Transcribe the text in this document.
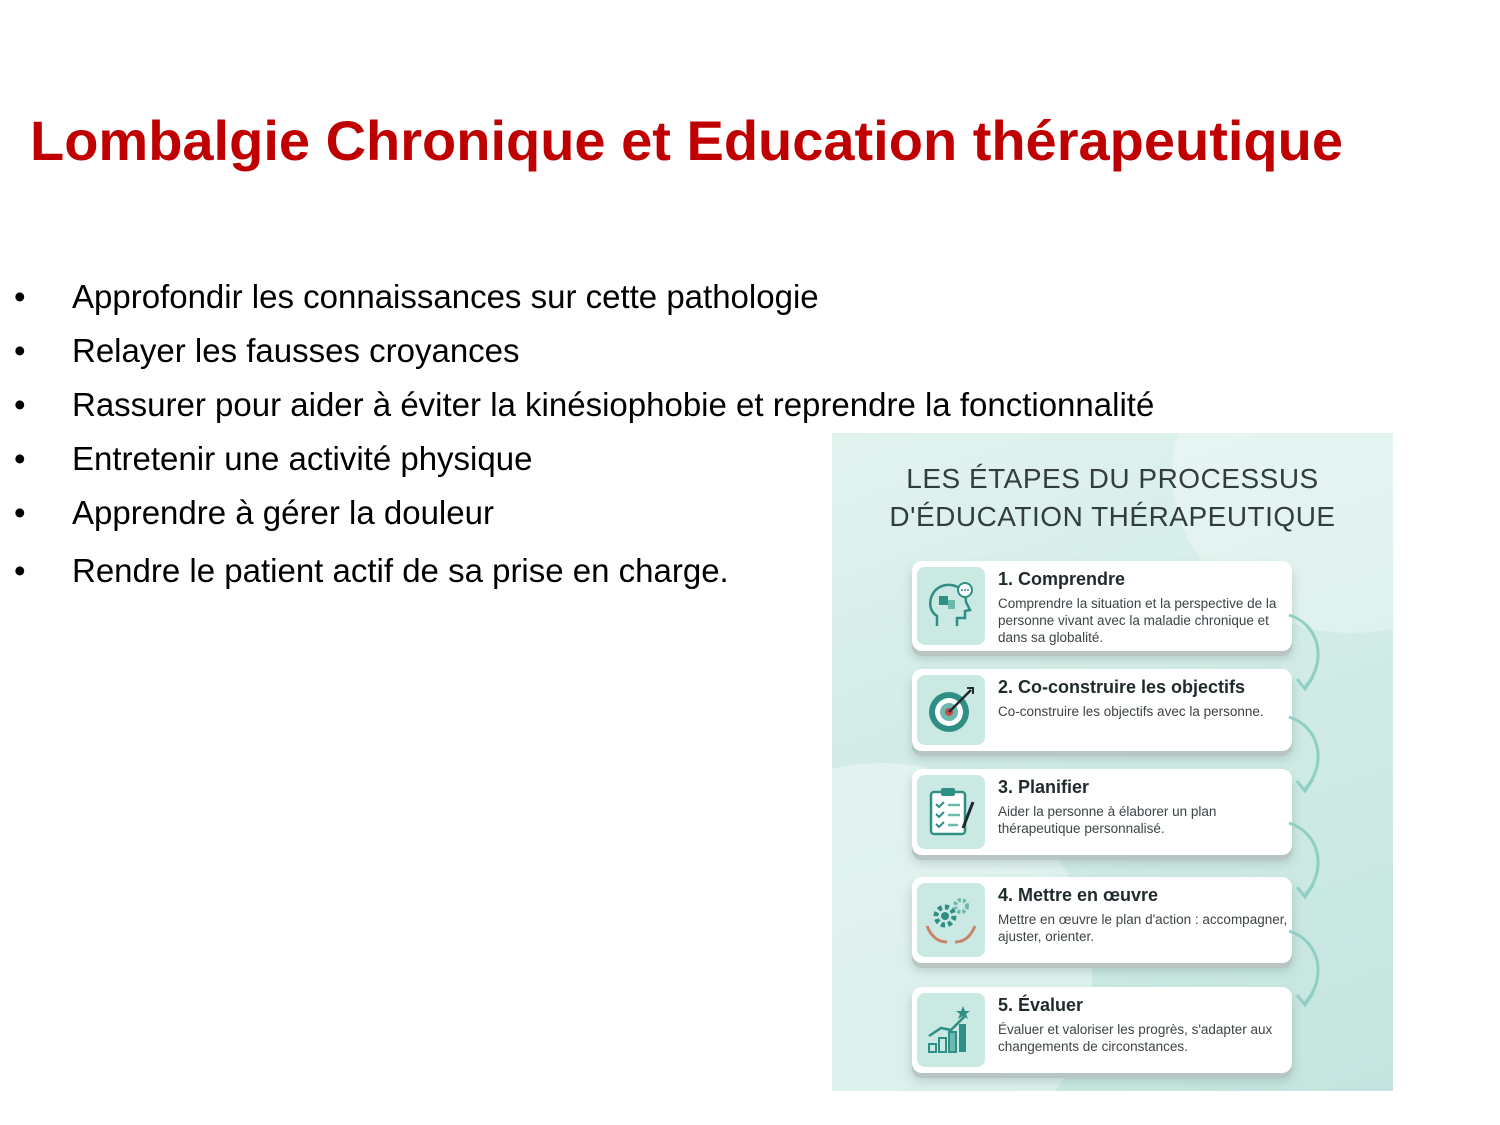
Lombalgie Chronique et Education thérapeutique
• Approfondir les connaissances sur cette pathologie
• Relayer les fausses croyances
• Rassurer pour aider à éviter la kinésiophobie et reprendre la fonctionnalité
• Entretenir une activité physique
• Apprendre à gérer la douleur
• Rendre le patient actif de sa prise en charge.
LES ÉTAPES DU PROCESSUS
D'ÉDUCATION THÉRAPEUTIQUE
1. Comprendre
Comprendre la situation et la perspective de la personne vivant avec la maladie chronique et dans sa globalité.
2. Co-construire les objectifs
Co-construire les objectifs avec la personne.
3. Planifier
Aider la personne à élaborer un plan thérapeutique personnalisé.
4. Mettre en œuvre
Mettre en œuvre le plan d'action : accompagner, ajuster, orienter.
5. Évaluer
Évaluer et valoriser les progrès, s'adapter aux changements de circonstances.
